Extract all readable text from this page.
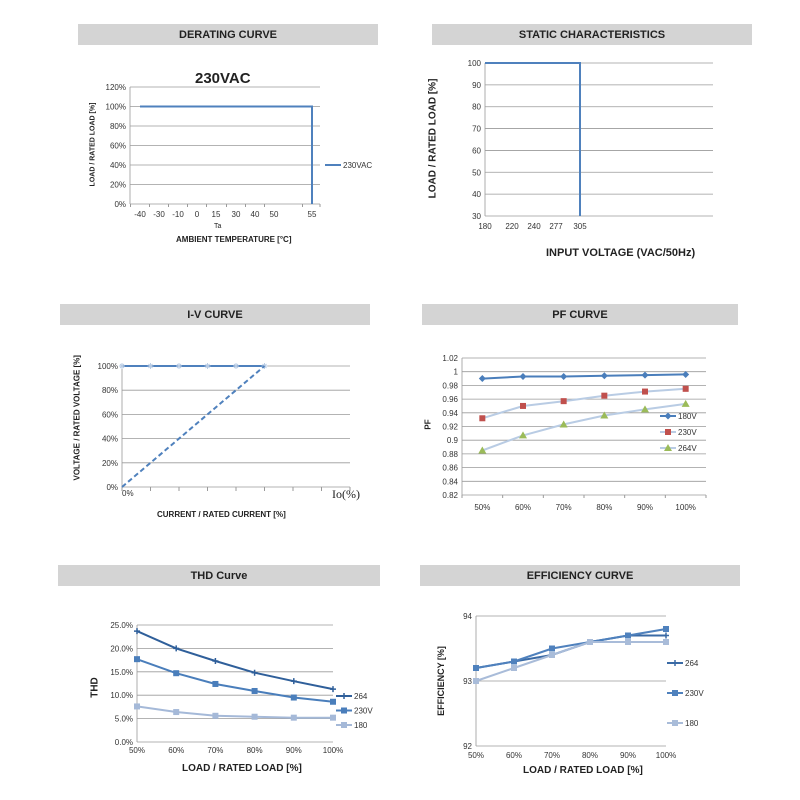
DERATING CURVE	STATIC CHARACTERISTICS
I-V CURVE	PF CURVE
THD Curve	EFFICIENCY CURVE
230VAC
LOAD / RATED LOAD [%]
Ta
AMBIENT TEMPERATURE [°C]
LOAD / RATED LOAD [%]
INPUT VOLTAGE (VAC/50Hz)
VOLTAGE / RATED VOLTAGE [%]
CURRENT / RATED CURRENT [%]
Io(%)
PF
THD
LOAD / RATED LOAD [%]
EFFICIENCY [%]
LOAD / RATED LOAD [%]
0%
20%
40%
60%
80%
100%
120%
-40 -30 -10 0 15 30 40 50	55
230VAC
30
40
50
60
70
80
90
100
180 220 240 277 305
0%
20%
40%
60%
80%
100%
0%	0.82
0.84
0.86
0.88
0.9
0.92
0.94
0.96
0.98
1
1.02
50%	60%	70%	80%	90%	100%
180V
230V
264V
0.0%
5.0%
10.0%
15.0%
20.0%
25.0%
50%	60%	70%	80%	90%	100%
264
230V
180
92
93
94
50%	60%	70%	80%	90% 100%
264
230V
180
